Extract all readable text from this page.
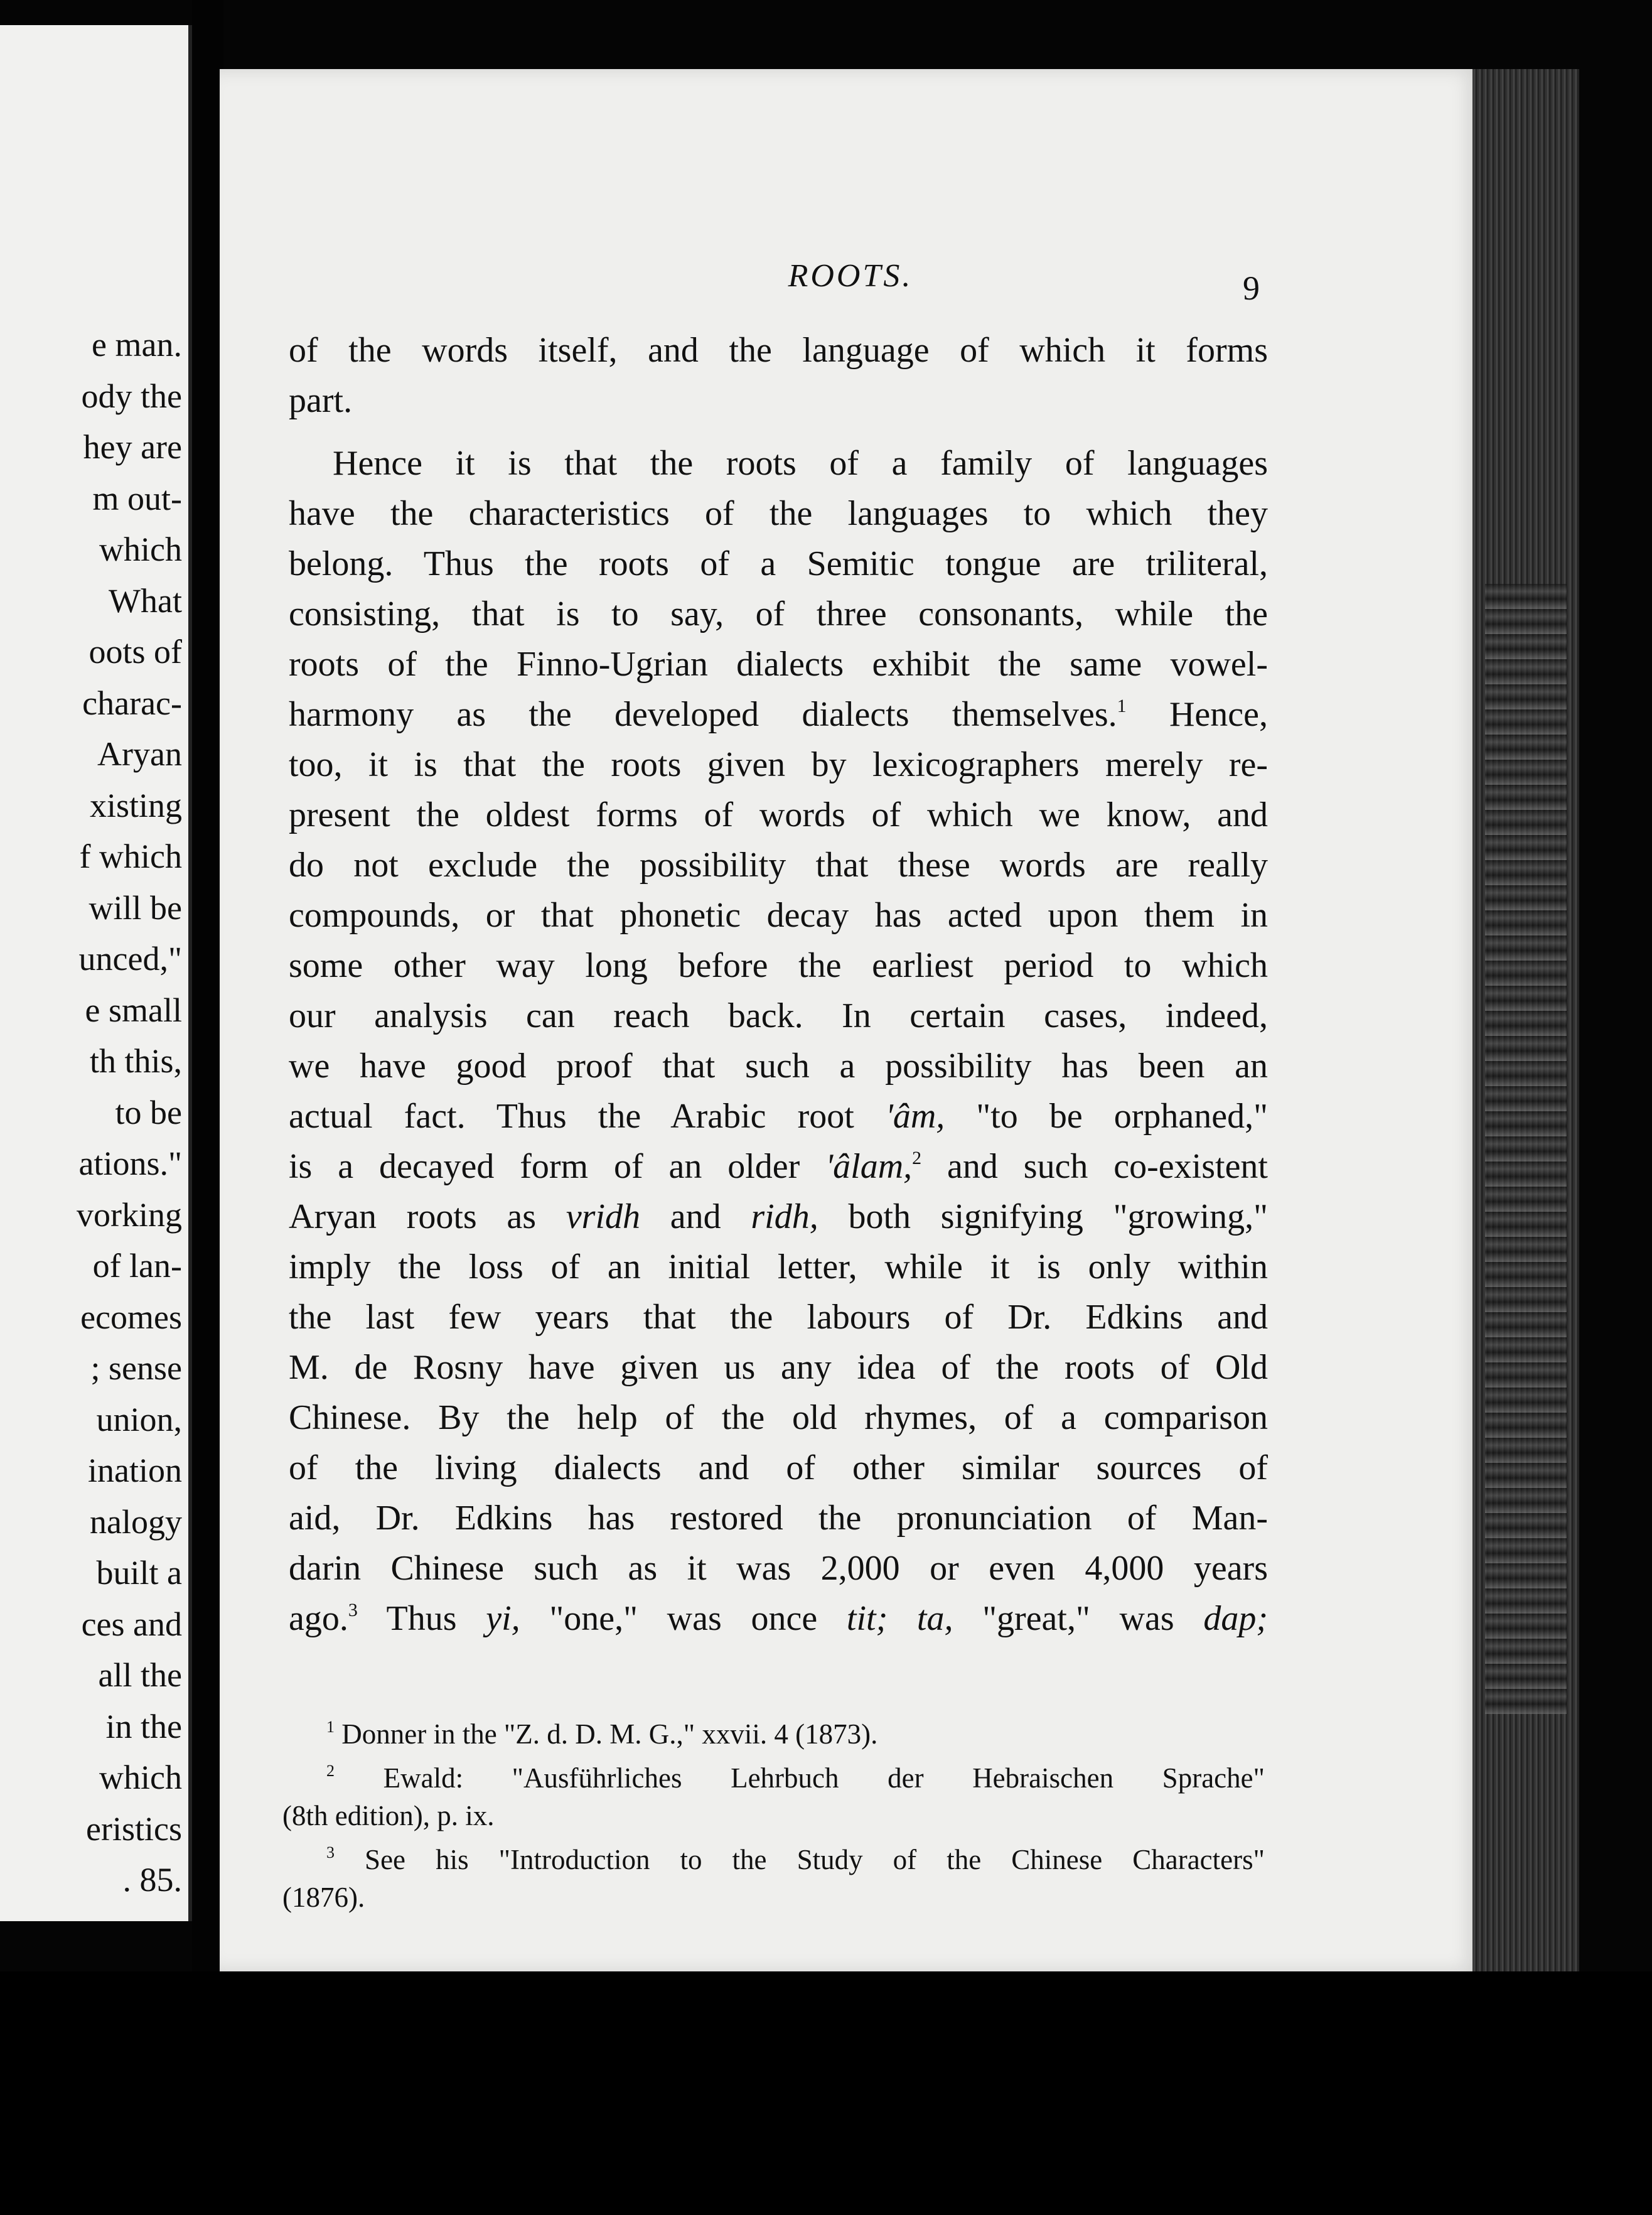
e man.
ody the
hey are
m out-
which
What
oots of
charac-
Aryan
xisting
f which
will be
unced,"
e small
th this,
to be
ations."
vorking
of lan-
ecomes
; sense
union,
ination
nalogy
built a
ces and
all the
in the
which
eristics
. 85.
ROOTS.	9
of the words itself, and the language of which it forms
part.
Hence it is that the roots of a family of languages
have the characteristics of the languages to which they
belong. Thus the roots of a Semitic tongue are triliteral,
consisting, that is to say, of three consonants, while the
roots of the Finno-Ugrian dialects exhibit the same vowel-
harmony as the developed dialects themselves.$^1$ Hence,
too, it is that the roots given by lexicographers merely re-
present the oldest forms of words of which we know, and
do not exclude the possibility that these words are really
compounds, or that phonetic decay has acted upon them in
some other way long before the earliest period to which
our analysis can reach back. In certain cases, indeed,
we have good proof that such a possibility has been an
actual fact. Thus the Arabic root 'âm, "to be orphaned,"
is a decayed form of an older 'âlam,$^2$ and such co-existent
Aryan roots as vridh and ridh, both signifying "growing,"
imply the loss of an initial letter, while it is only within
the last few years that the labours of Dr. Edkins and
M. de Rosny have given us any idea of the roots of Old
Chinese. By the help of the old rhymes, of a comparison
of the living dialects and of other similar sources of
aid, Dr. Edkins has restored the pronunciation of Man-
darin Chinese such as it was 2,000 or even 4,000 years
ago.$^3$ Thus yi, "one," was once tit; ta, "great," was dap;
$^1$ Donner in the "Z. d. D. M. G.," xxvii. 4 (1873).
$^2$ Ewald: "Ausführliches Lehrbuch der Hebraischen Sprache"
(8th edition), p. ix.
$^3$ See his "Introduction to the Study of the Chinese Characters"
(1876).
